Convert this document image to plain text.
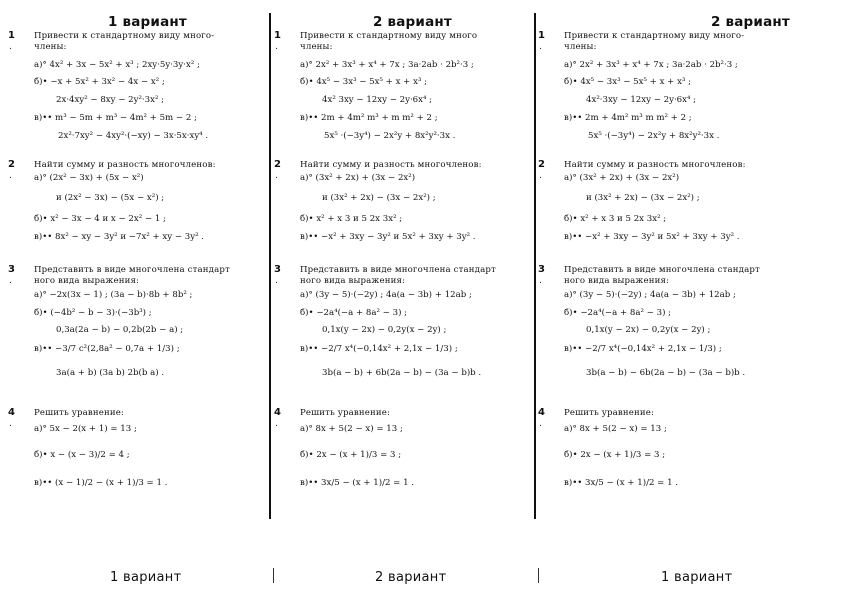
1 вариант	2 вариант	2 вариант
1
.
Привести к стандартному виду много-
члены:
а)° 4x² + 3x − 5x² + x³ ; 2xy·5y·3y·x² ;
б)• −x + 5x² + 3x² − 4x − x² ;
2x·4xy² − 8xy − 2y²·3x² ;
в)•• m³ − 5m + m³ − 4m² + 5m − 2 ;
2x²·7xy² − 4xy²·(−xy) − 3x·5x·xy⁴ .
2
.
Найти сумму и разность многочленов:
а)° (2x² − 3x) + (5x − x²)
и (2x² − 3x) − (5x − x²) ;
б)• x² − 3x − 4 и x − 2x² − 1 ;
в)•• 8x² − xy − 3y² и −7x² + xy − 3y² .
3
.
Представить в виде многочлена стандарт
ного вида выражения:
а)° −2x(3x − 1) ; (3a − b)·8b + 8b² ;
б)• (−4b² − b − 3)·(−3b³) ;
0,3a(2a − b) − 0,2b(2b − a) ;
в)•• −3/7 c²(2,8a² − 0,7a + 1/3) ;
3a(a + b) (3a b) 2b(b a) .
4
.
Решить уравнение:
а)° 5x − 2(x + 1) = 13 ;
б)• x − (x − 3)/2 = 4 ;
в)•• (x − 1)/2 − (x + 1)/3 = 1 .
1
.
Привести к стандартному виду много
члены:
а)° 2x² + 3x³ + x⁴ + 7x ; 3a·2ab · 2b²·3 ;
б)• 4x⁵ − 3x³ − 5x⁵ + x + x³ ;
4x² 3xy − 12xy − 2y·6x⁴ ;
в)•• 2m + 4m² m³ + m m² + 2 ;
5x⁵ ·(−3y⁴) − 2x²y + 8x²y²·3x .
2
.
Найти сумму и разность многочленов:
а)° (3x² + 2x) + (3x − 2x²)
и (3x² + 2x) − (3x − 2x²) ;
б)• x² + x 3 и 5 2x 3x² ;
в)•• −x² + 3xy − 3y² и 5x² + 3xy + 3y² .
3
.
Представить в виде многочлена стандарт
ного вида выражения:
а)° (3y − 5)·(−2y) ; 4a(a − 3b) + 12ab ;
б)• −2a⁴(−a + 8a² − 3) ;
0,1x(y − 2x) − 0,2y(x − 2y) ;
в)•• −2/7 x⁴(−0,14x² + 2,1x − 1/3) ;
3b(a − b) + 6b(2a − b) − (3a − b)b .
4
.
Решить уравнение:
а)° 8x + 5(2 − x) = 13 ;
б)• 2x − (x + 1)/3 = 3 ;
в)•• 3x/5 − (x + 1)/2 = 1 .
1
.
Привести к стандартному виду много-
члены:
а)° 2x² + 3x³ + x⁴ + 7x ; 3a·2ab · 2b²·3 ;
б)• 4x⁵ − 3x³ − 5x⁵ + x + x³ ;
4x²·3xy − 12xy − 2y·6x⁴ ;
в)•• 2m + 4m² m³ m m² + 2 ;
5x⁵ ·(−3y⁴) − 2x²y + 8x²y²·3x .
2
.
Найти сумму и разность многочленов:
а)° (3x² + 2x) + (3x − 2x²)
и (3x² + 2x) − (3x − 2x²) ;
б)• x² + x 3 и 5 2x 3x² ;
в)•• −x² + 3xy − 3y² и 5x² + 3xy + 3y² .
3
.
Представить в виде многочлена стандарт
ного вида выражения:
а)° (3y − 5)·(−2y) ; 4a(a − 3b) + 12ab ;
б)• −2a⁴(−a + 8a² − 3) ;
0,1x(y − 2x) − 0,2y(x − 2y) ;
в)•• −2/7 x⁴(−0,14x² + 2,1x − 1/3) ;
3b(a − b) − 6b(2a − b) − (3a − b)b .
4
.
Решить уравнение:
а)° 8x + 5(2 − x) = 13 ;
б)• 2x − (x + 1)/3 = 3 ;
в)•• 3x/5 − (x + 1)/2 = 1 .
1 вариант	2 вариант	1 вариант
